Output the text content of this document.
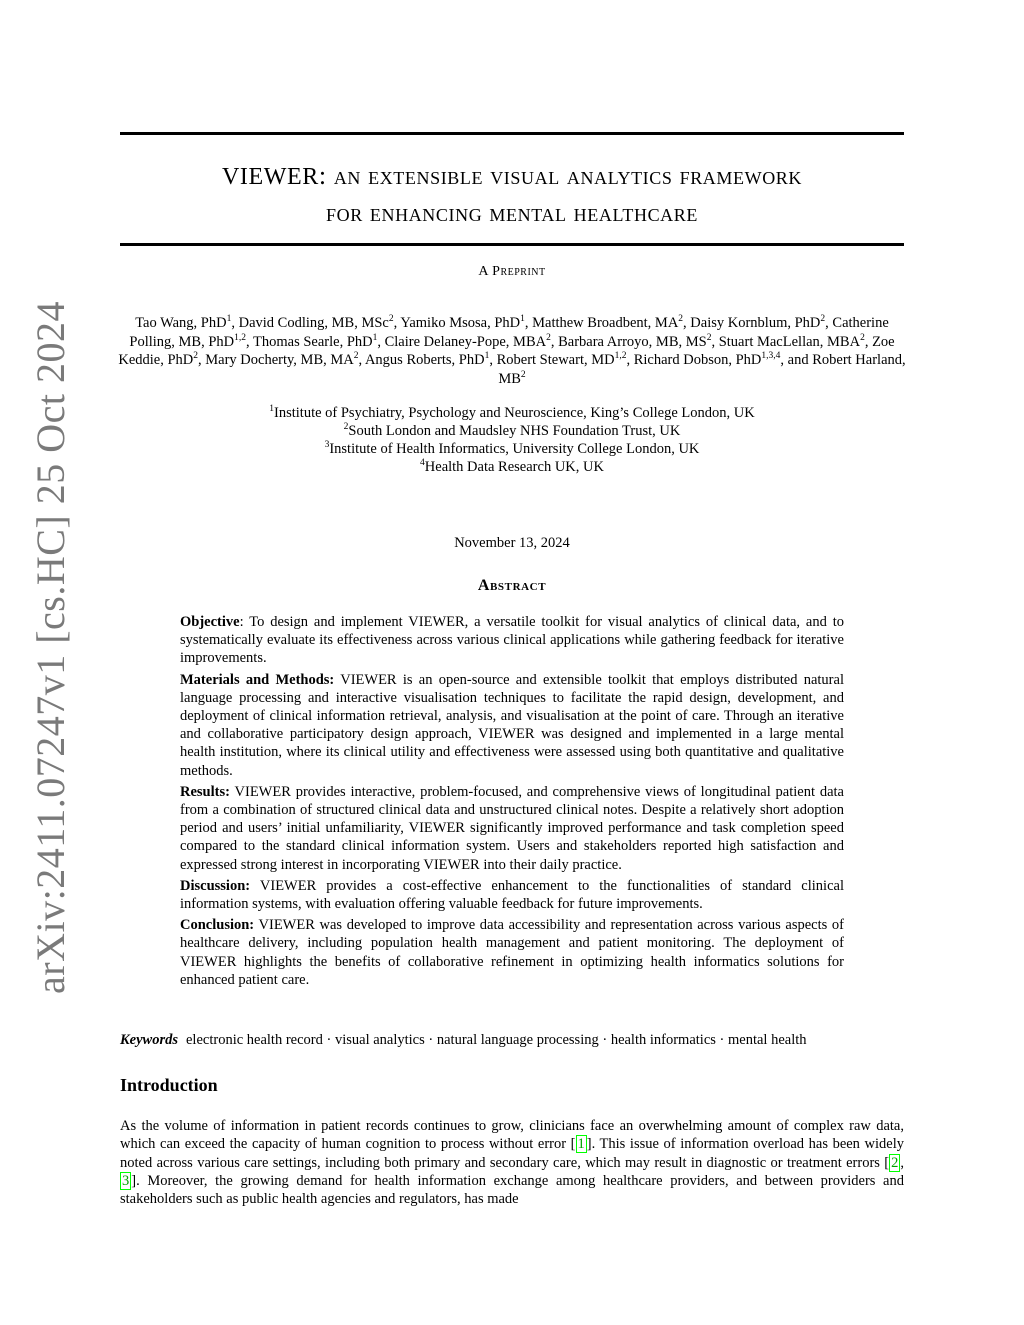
arXiv:2411.07247v1 [cs.HC] 25 Oct 2024
VIEWER: an extensible visual analytics framework
for enhancing mental healthcare
A Preprint
Tao Wang, PhD$^1$, David Codling, MB, MSc$^2$, Yamiko Msosa, PhD$^1$, Matthew Broadbent, $MA^2$, Daisy Kornblum, PhD$^2$, Catherine Polling, MB, PhD$^{1,2}$, Thomas Searle, PhD$^1$, Claire Delaney-Pope, MBA$^2$, Barbara Arroyo, MB, $MS^2$, Stuart MacLellan, MBA$^2$, Zoe Keddie, PhD$^2$, Mary Docherty, MB, $MA^2$, Angus Roberts, PhD$^1$, Robert Stewart, MD$^{1,2}$, Richard Dobson, PhD$^{1,3,4}$, and Robert Harland, $MB^2$
$^1$Institute of Psychiatry, Psychology and Neuroscience, King’s College London, UK
$^2$South London and Maudsley NHS Foundation Trust, UK
$^3$Institute of Health Informatics, University College London, UK
$^4$Health Data Research UK, UK
November 13, 2024
Abstract

Objective: To design and implement VIEWER, a versatile toolkit for visual analytics of clinical data, and to systematically evaluate its effectiveness across various clinical applications while gathering feedback for iterative improvements.

Materials and Methods: VIEWER is an open-source and extensible toolkit that employs distributed natural language processing and interactive visualisation techniques to facilitate the rapid design, development, and deployment of clinical information retrieval, analysis, and visualisation at the point of care. Through an iterative and collaborative participatory design approach, VIEWER was designed and implemented in a large mental health institution, where its clinical utility and effectiveness were assessed using both quantitative and qualitative methods.

Results: VIEWER provides interactive, problem-focused, and comprehensive views of longitudinal patient data from a combination of structured clinical data and unstructured clinical notes. Despite a relatively short adoption period and users’ initial unfamiliarity, VIEWER significantly improved performance and task completion speed compared to the standard clinical information system. Users and stakeholders reported high satisfaction and expressed strong interest in incorporating VIEWER into their daily practice.

Discussion: VIEWER provides a cost-effective enhancement to the functionalities of standard clinical information systems, with evaluation offering valuable feedback for future improvements.

Conclusion: VIEWER was developed to improve data accessibility and representation across various aspects of healthcare delivery, including population health management and patient monitoring. The deployment of VIEWER highlights the benefits of collaborative refinement in optimizing health informatics solutions for enhanced patient care.

Keywords electronic health record · visual analytics · natural language processing · health informatics · mental health
Introduction

As the volume of information in patient records continues to grow, clinicians face an overwhelming amount of complex raw data, which can exceed the capacity of human cognition to process without error [ 1 ]. This issue of information overload has been widely noted across various care settings, including both primary and secondary care, which may result in diagnostic or treatment errors [ 2 , 3 ]. Moreover, the growing demand for health information exchange among healthcare providers, and between providers and stakeholders such as public health agencies and regulators, has made
